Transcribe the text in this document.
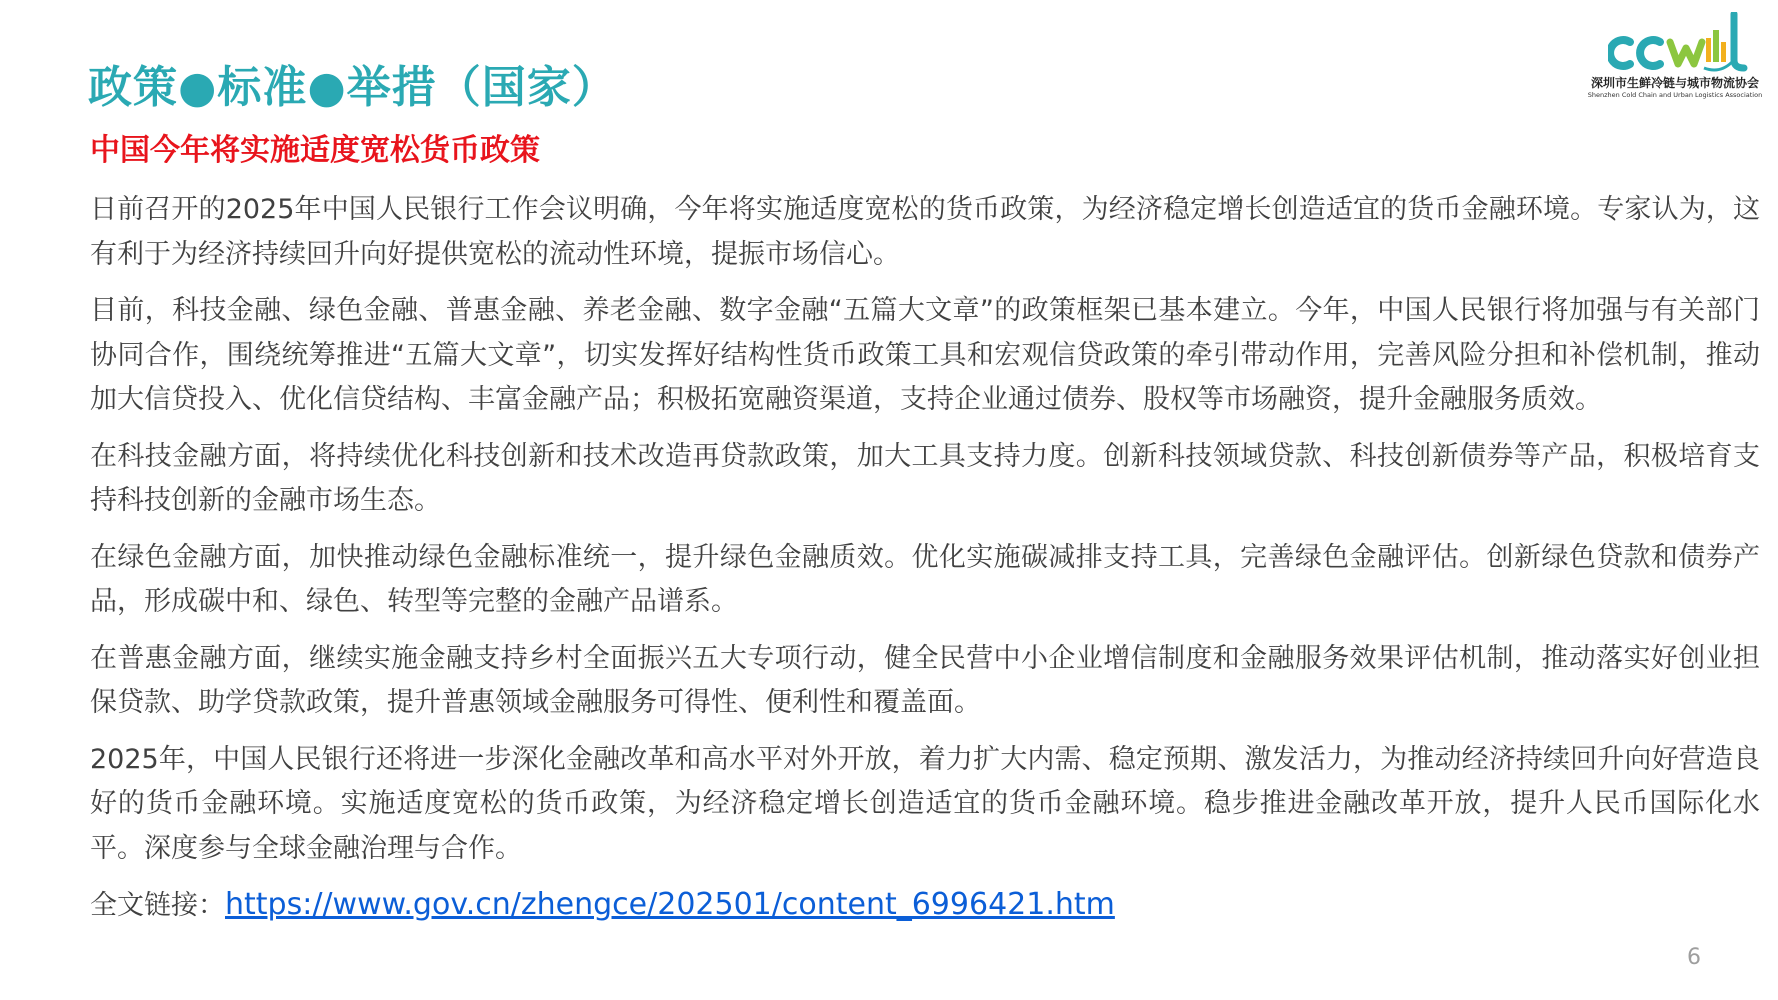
政策●标准●举措（国家）	深圳市生鲜冷链与城市物流协会
Shenzhen Cold Chain and Urban Logistics Association
中国今年将实施适度宽松货币政策

日前召开的2025年中国人民银行工作会议明确，今年将实施适度宽松的货币政策，为经济稳定增长创造适宜的货币金融环境。专家认为，这有利于为经济持续回升向好提供宽松的流动性环境，提振市场信心。

目前，科技金融、绿色金融、普惠金融、养老金融、数字金融“五篇大文章”的政策框架已基本建立。今年，中国人民银行将加强与有关部门协同合作，围绕统筹推进“五篇大文章”，切实发挥好结构性货币政策工具和宏观信贷政策的牵引带动作用，完善风险分担和补偿机制，推动加大信贷投入、优化信贷结构、丰富金融产品；积极拓宽融资渠道，支持企业通过债券、股权等市场融资，提升金融服务质效。

在科技金融方面，将持续优化科技创新和技术改造再贷款政策，加大工具支持力度。创新科技领域贷款、科技创新债券等产品，积极培育支持科技创新的金融市场生态。

在绿色金融方面，加快推动绿色金融标准统一，提升绿色金融质效。优化实施碳减排支持工具，完善绿色金融评估。创新绿色贷款和债券产品，形成碳中和、绿色、转型等完整的金融产品谱系。

在普惠金融方面，继续实施金融支持乡村全面振兴五大专项行动，健全民营中小企业增信制度和金融服务效果评估机制，推动落实好创业担保贷款、助学贷款政策，提升普惠领域金融服务可得性、便利性和覆盖面。

2025年，中国人民银行还将进一步深化金融改革和高水平对外开放，着力扩大内需、稳定预期、激发活力，为推动经济持续回升向好营造良好的货币金融环境。实施适度宽松的货币政策，为经济稳定增长创造适宜的货币金融环境。稳步推进金融改革开放，提升人民币国际化水平。深度参与全球金融治理与合作。

全文链接：https://www.gov.cn/zhengce/202501/content_6996421.htm
6
